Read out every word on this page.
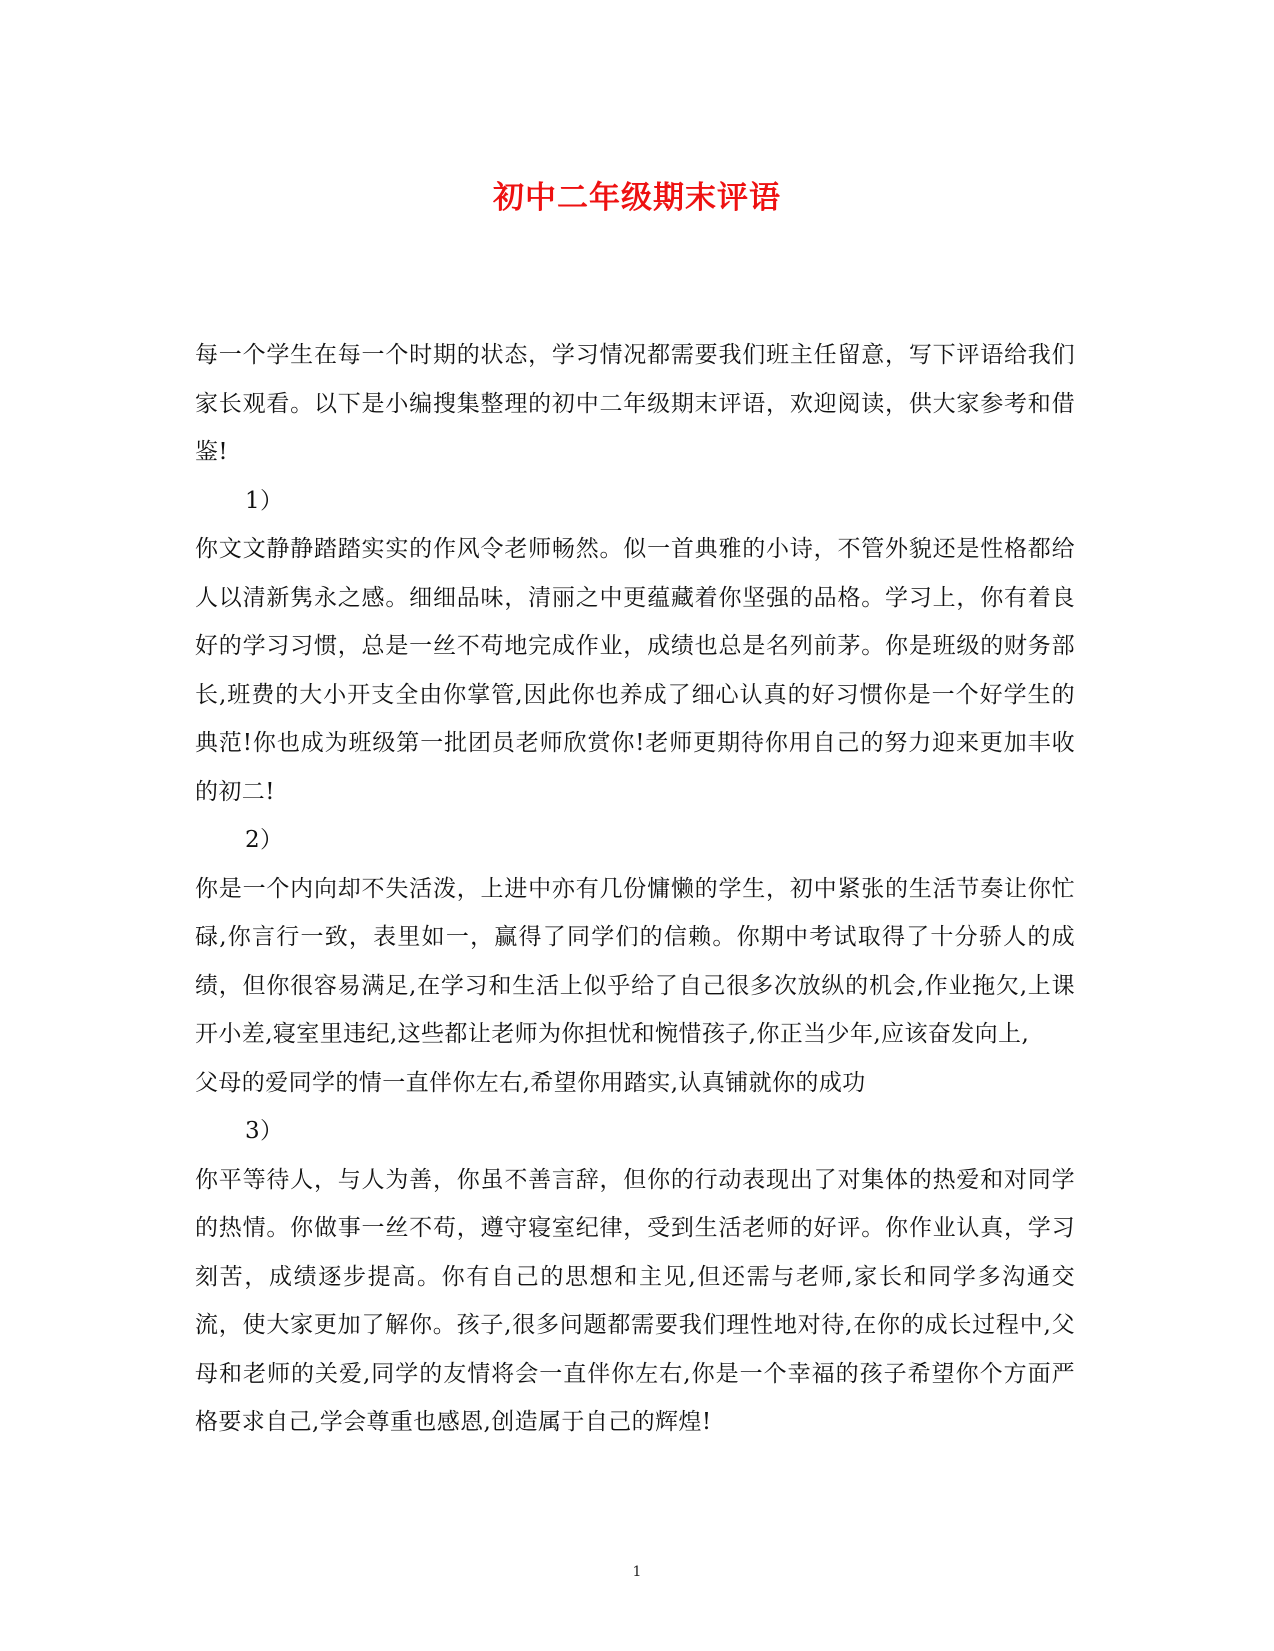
初中二年级期末评语

每一个学生在每一个时期的状态，学习情况都需要我们班主任留意，写下评语给我们家长观看。以下是小编搜集整理的初中二年级期末评语，欢迎阅读，供大家参考和借鉴!

1）

你文文静静踏踏实实的作风令老师畅然。似一首典雅的小诗，不管外貌还是性格都给人以清新隽永之感。细细品味，清丽之中更蕴藏着你坚强的品格。学习上，你有着良好的学习习惯，总是一丝不苟地完成作业，成绩也总是名列前茅。你是班级的财务部长,班费的大小开支全由你掌管,因此你也养成了细心认真的好习惯你是一个好学生的典范!你也成为班级第一批团员老师欣赏你!老师更期待你用自己的努力迎来更加丰收的初二!

2）

你是一个内向却不失活泼，上进中亦有几份慵懒的学生，初中紧张的生活节奏让你忙碌,你言行一致，表里如一，赢得了同学们的信赖。你期中考试取得了十分骄人的成绩，但你很容易满足,在学习和生活上似乎给了自己很多次放纵的机会,作业拖欠,上课开小差,寝室里违纪,这些都让老师为你担忧和惋惜孩子,你正当少年,应该奋发向上,

父母的爱同学的情一直伴你左右,希望你用踏实,认真铺就你的成功

3）

你平等待人，与人为善，你虽不善言辞，但你的行动表现出了对集体的热爱和对同学的热情。你做事一丝不苟，遵守寝室纪律，受到生活老师的好评。你作业认真，学习刻苦，成绩逐步提高。你有自己的思想和主见,但还需与老师,家长和同学多沟通交流，使大家更加了解你。孩子,很多问题都需要我们理性地对待,在你的成长过程中,父母和老师的关爱,同学的友情将会一直伴你左右,你是一个幸福的孩子希望你个方面严格要求自己,学会尊重也感恩,创造属于自己的辉煌!

1
